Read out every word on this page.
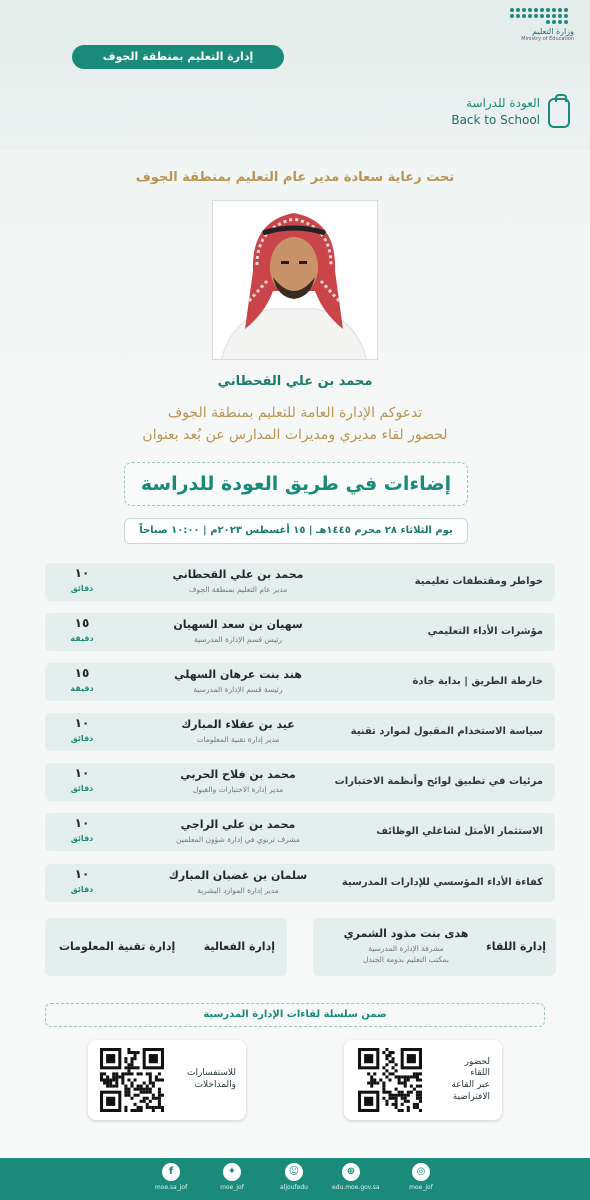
وزارة التعليم
Ministry of Education
إدارة التعليم بمنطقة الجوف
العودة للدراسة
Back to School
تحت رعاية سعادة مدير عام التعليم بمنطقة الجوف
محمد بن علي القحطاني
تدعوكم الإدارة العامة للتعليم بمنطقة الجوف
لحضور لقاء مديري ومديرات المدارس عن بُعد بعنوان
إضاءات في طريق العودة للدراسة
يوم الثلاثاء ٢٨ محرم ١٤٤٥هـ | ١٥ أغسطس ٢٠٢٣م | ١٠:٠٠ صباحاً
خواطر ومقتطفات تعليمية
محمد بن علي القحطاني
مدير عام التعليم بمنطقة الجوف
١٠
دقائق
مؤشرات الأداء التعليمي
سهيان بن سعد السهيان
رئيس قسم الإدارة المدرسية
١٥
دقيقة
خارطة الطريق | بداية جادة
هند بنت عرهان السهلي
رئيسة قسم الإدارة المدرسية
١٥
دقيقة
سياسة الاستخدام المقبول لموارد تقنية
عيد بن عقلاء المبارك
مدير إدارة تقنية المعلومات
١٠
دقائق
مرئيات في تطبيق لوائح وأنظمة الاختبارات
محمد بن فلاح الحربي
مدير إدارة الاختبارات والقبول
١٠
دقائق
الاستثمار الأمثل لشاغلي الوظائف
محمد بن علي الراجي
مشرف تربوي في إدارة شؤون المعلمين
١٠
دقائق
كفاءة الأداء المؤسسي للإدارات المدرسية
سلمان بن غضبان المبارك
مدير إدارة الموارد البشرية
١٠
دقائق
إدارة اللقاء
هدى بنت مذود الشمري
مشرفة الإدارة المدرسية
بمكتب التعليم بدومة الجندل
إدارة الفعالية
إدارة تقنية المعلومات
ضمن سلسلة لقاءات الإدارة المدرسية
لحضور
اللقاء
عبر القاعة
الافتراضية
للاستفسارات
والمداخلات
◎
moe_jof
⊕
edu.moe.gov.sa
☺
aljoufedu
✦
moe_jof
f
moe.sa_jof
